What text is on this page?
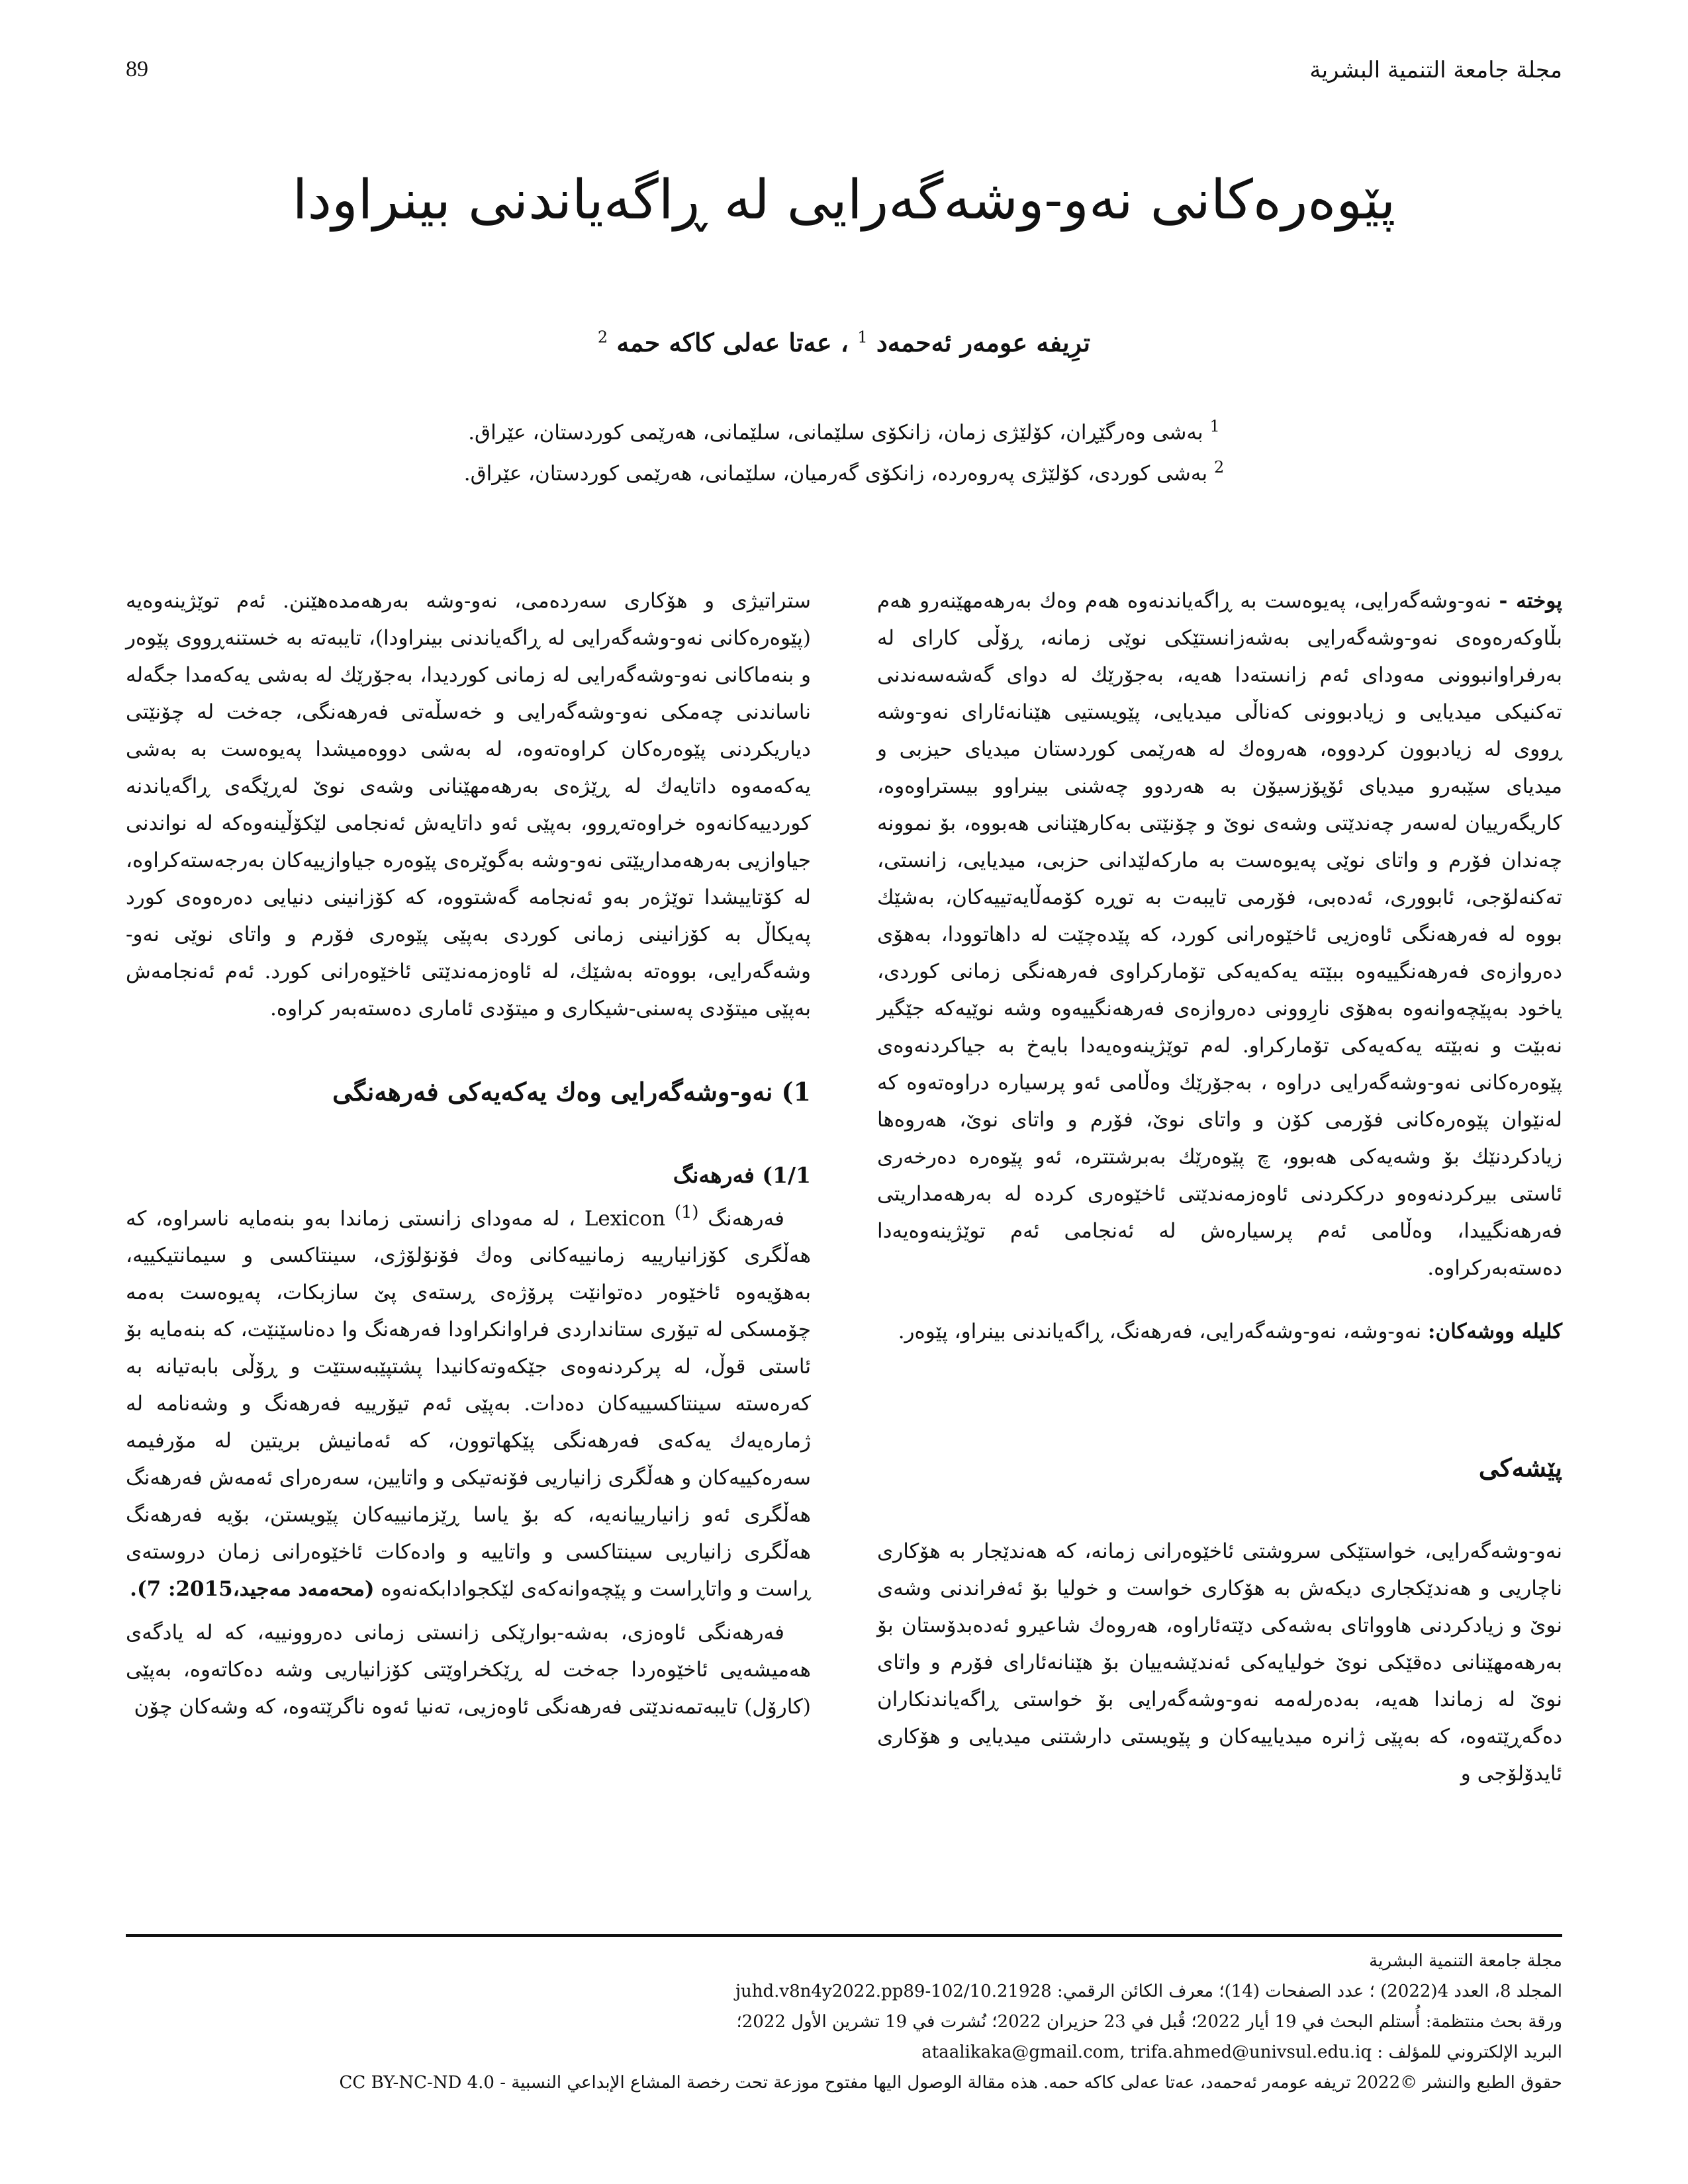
89	مجلة جامعة التنمية البشرية
پێوەرەکانی نەو-وشەگەرایی لە ڕاگەیاندنی بینراودا
ترِیفە عومەر ئەحمەد $^1$ ، عەتا عەلی کاکە حمە $^2$
$^1$ بەشی وەرگێڕان، کۆلێژی زمان، زانکۆی سلێمانی، سلێمانی، هەرێمی کوردستان، عێراق.
$^2$ بەشی کوردی، کۆلێژی پەروەردە، زانکۆی گەرمیان، سلێمانی، هەرێمی کوردستان، عێراق.

پوختە - نەو-وشەگەرایی، پەیوەست بە ڕاگەیاندنەوە هەم وەك بەرهەمهێنەرو هەم بڵاوکەرەوەی نەو-وشەگەرایی بەشەزانستێکی نوێی زمانە، ڕۆڵی کارای لە بەرفراوانبوونی مەودای ئەم زانستەدا هەیە، بەجۆرێك لە دوای گەشەسەندنی تەکنیکی میدیایی و زیادبوونی کەناڵی میدیایی، پێویستیی هێنانەئارای نەو-وشە ڕووی لە زیادبوون کردووە، هەروەك لە هەرێمی کوردستان میدیای حیزبی و میدیای سێبەرو میدیای ئۆپۆزسیۆن بە هەردوو چەشنی بینراوو بیستراوەوە، کاریگەرییان لەسەر چەندێتی وشەی نوێ و چۆنێتی بەکارهێنانی هەبووە، بۆ نموونە چەندان فۆرم و واتای نوێی پەیوەست بە مارکەلێدانی حزبی، میدیایی، زانستی، تەکنەلۆجی، ئابووری، ئەدەبی، فۆرمی تایبەت بە توڕە کۆمەڵایەتییەکان، بەشێك بووە لە فەرهەنگی ئاوەزیی ئاخێوەرانی کورد، کە پێدەچێت لە داهاتوودا، بەهۆی دەروازەی فەرهەنگییەوە ببێتە یەکەیەکی تۆمارکراوی فەرهەنگی زمانی کوردی، یاخود بەپێچەوانەوە بەهۆی نارِوونی دەروازەی فەرهەنگییەوە وشە نوێیەکە جێگیر نەبێت و نەبێتە یەکەیەکی تۆمارکراو. لەم توێژینەوەیەدا بایەخ بە جیاکردنەوەی پێوەرەکانی نەو-وشەگەرایی دراوە ، بەجۆرێك وەڵامی ئەو پرسیارە دراوەتەوە کە لەنێوان پێوەرەکانی فۆرمی کۆن و واتای نوێ، فۆرم و واتای نوێ، هەروەها زیادکردنێك بۆ وشەیەکی هەبوو، چ پێوەرێك بەبرشتترە، ئەو پێوەرە دەرخەری ئاستی بیرکردنەوەو درککردنی ئاوەزمەندێتی ئاخێوەری کردە لە بەرهەمداریتی فەرهەنگییدا، وەڵامی ئەم پرسیارەش لە ئەنجامی ئەم توێژینەوەیەدا دەستەبەرکراوە.

کلیلە ووشەکان: نەو-وشە، نەو-وشەگەرایی، فەرهەنگ، ڕاگەیاندنی بینراو، پێوەر.

پێشەکی

نەو-وشەگەرایی، خواستێکی سروشتی ئاخێوەرانی زمانە، کە هەندێجار بە هۆکاری ناچاریی و هەندێکجاری دیکەش بە هۆکاری خواست و خولیا بۆ ئەفراندنی وشەی نوێ و زیادکردنی هاوواتای بەشەکی دێتەئاراوە، هەروەك شاعیرو ئەدەبدۆستان بۆ بەرهەمهێنانی دەقێکی نوێ خولیایەکی ئەندێشەییان بۆ هێنانەئارای فۆرم و واتای نوێ لە زماندا هەیە، بەدەرلەمە نەو-وشەگەرایی بۆ خواستی ڕاگەیاندنکاران دەگەڕێتەوە، کە بەپێی ژانرە میدیاییەکان و پێویستی دارشتنی میدیایی و هۆکاری ئایدۆلۆجی و

ستراتیژی و هۆکاری سەردەمی، نەو-وشە بەرهەمدەهێنن. ئەم توێژینەوەیە (پێوەرەکانی نەو-وشەگەرایی لە ڕاگەیاندنی بینراودا)، تایبەتە بە خستنەڕووی پێوەر و بنەماکانی نەو-وشەگەرایی لە زمانی کوردیدا، بەجۆرێك لە بەشی یەکەمدا جگەلە ناساندنی چەمکی نەو-وشەگەرایی و خەسڵەتی فەرهەنگی، جەخت لە چۆنێتی دیاریکردنی پێوەرەکان کراوەتەوە، لە بەشی دووەمیشدا پەیوەست بە بەشی یەکەمەوە داتایەك لە ڕێژەی بەرهەمهێنانی وشەی نوێ لەڕێگەی ڕاگەیاندنە کوردییەکانەوە خراوەتەڕوو، بەپێی ئەو داتایەش ئەنجامی لێکۆڵینەوەکە لە نواندنی جیاوازیی بەرهەمداریێتی نەو-وشە بەگوێرەی پێوەرە جیاوازییەکان بەرجەستەکراوە، لە کۆتاییشدا توێژەر بەو ئەنجامە گەشتووە، کە کۆزانینی دنیایی دەرەوەی کورد پەیکاڵ بە کۆزانینی زمانی کوردی بەپێی پێوەری فۆرم و واتای نوێی نەو-وشەگەرایی، بووەتە بەشێك، لە ئاوەزمەندێتی ئاخێوەرانی کورد. ئەم ئەنجامەش بەپێی میتۆدی پەسنی-شیکاری و میتۆدی ئاماری دەستەبەر کراوە.

1) نەو-وشەگەرایی وەك یەکەیەکی فەرهەنگی
1/1) فەرهەنگ

فەرهەنگ Lexicon $^{(1)}$ ، لە مەودای زانستی زماندا بەو بنەمایە ناسراوە، کە هەڵگری کۆزانیارییە زمانییەکانی وەك فۆنۆلۆژی، سینتاکسی و سیمانتیکییە، بەهۆیەوە ئاخێوەر دەتوانێت پرۆژەی ڕستەی پێ سازبکات، پەیوەست بەمە چۆمسکی لە تیۆری ستانداردی فراوانکراودا فەرهەنگ وا دەناسێنێت، کە بنەمایە بۆ ئاستی قوڵ، لە پرکردنەوەی جێکەوتەکانیدا پشتپێبەستێت و ڕۆڵی بابەتیانە بە کەرەستە سینتاکسییەکان دەدات. بەپێی ئەم تیۆرییە فەرهەنگ و وشەنامە لە ژمارەیەك یەکەی فەرهەنگی پێکهاتوون، کە ئەمانیش بریتین لە مۆرفیمە سەرەکییەکان و هەڵگری زانیاریی فۆنەتیکی و واتایین، سەرەرای ئەمەش فەرهەنگ هەڵگری ئەو زانیارییانەیە، کە بۆ یاسا ڕێزمانییەکان پێویستن، بۆیە فەرهەنگ هەڵگری زانیاریی سینتاکسی و واتاییە و وادەکات ئاخێوەرانی زمان دروستەی ڕاست و واتاڕاست و پێچەوانەکەی لێکجوادابکەنەوە (محەمەد مەجید،2015: 7).

فەرهەنگی ئاوەزی، بەشە-بوارێکی زانستی زمانی دەروونییە، کە لە یادگەی هەمیشەیی ئاخێوەردا جەخت لە ڕێکخراوێتی کۆزانیاریی وشە دەکاتەوە، بەپێی (کارۆل) تایبەتمەندێتی فەرهەنگی ئاوەزیی، تەنیا ئەوە ناگرێتەوە، کە وشەکان چۆن

مجلة جامعة التنمية البشرية
المجلد 8، العدد 4(2022) ؛ عدد الصفحات (14)؛ معرف الكائن الرقمي: 10.21928/juhd.v8n4y2022.pp89-102
ورقة بحث منتظمة: أُستلم البحث في 19 أيار 2022؛ قُبل في 23 حزيران 2022؛ نُشرت في 19 تشرين الأول 2022؛
البريد الإلكتروني للمؤلف : ataalikaka@gmail.com, trifa.ahmed@univsul.edu.iq
حقوق الطبع والنشر ©2022 تريفە عومەر ئەحمەد، عەتا عەلی کاکە حمە. هذه مقالة الوصول اليها مفتوح موزعة تحت رخصة المشاع الإبداعي النسبية - CC BY-NC-ND 4.0
